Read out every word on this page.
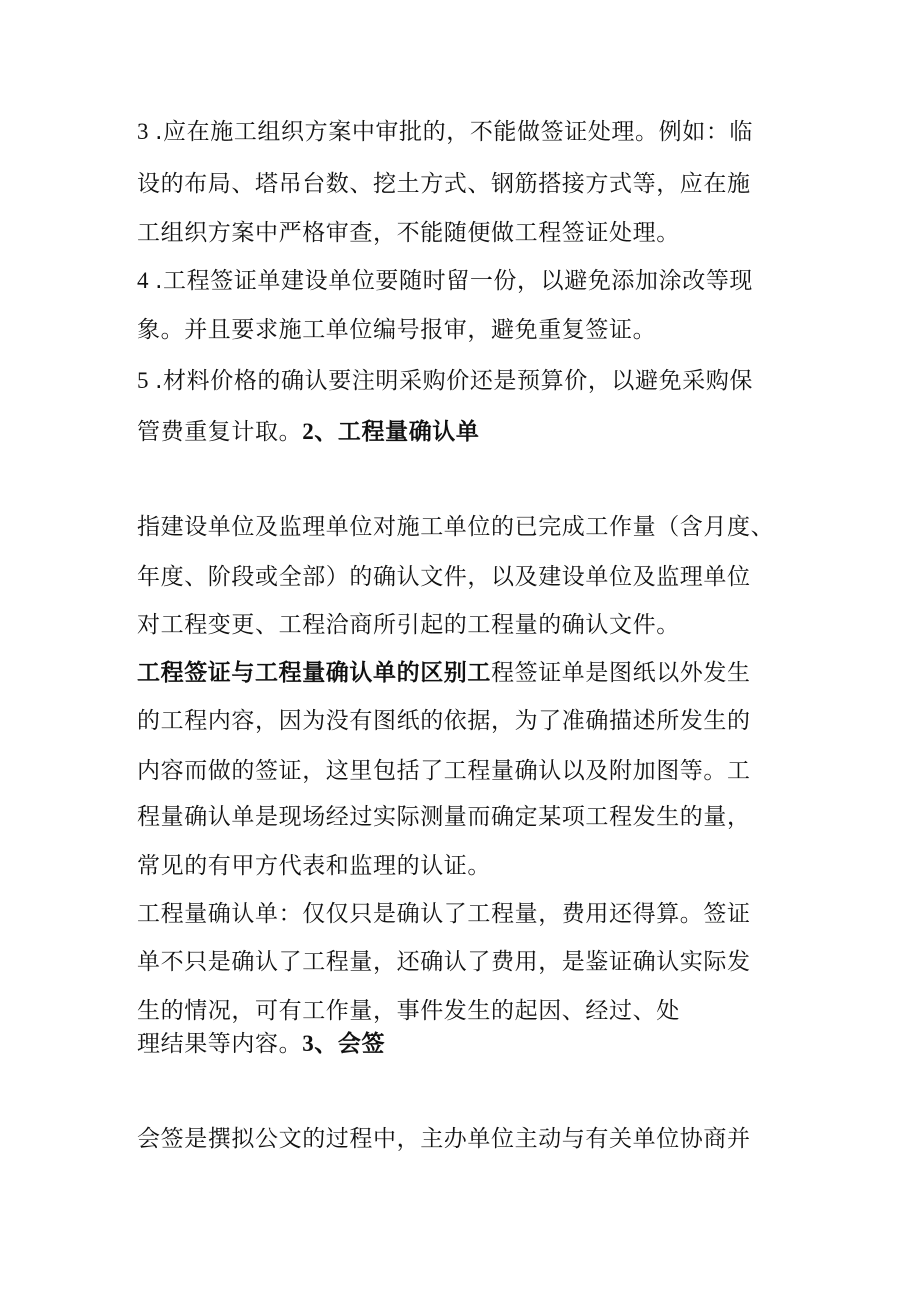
3 .应在施工组织方案中审批的，不能做签证处理。例如：临
设的布局、塔吊台数、挖土方式、钢筋搭接方式等，应在施
工组织方案中严格审查，不能随便做工程签证处理。
4 .工程签证单建设单位要随时留一份，以避免添加涂改等现
象。并且要求施工单位编号报审，避免重复签证。
5 .材料价格的确认要注明采购价还是预算价，以避免采购保
管费重复计取。2、工程量确认单
指建设单位及监理单位对施工单位的已完成工作量（含月度、
年度、阶段或全部）的确认文件，以及建设单位及监理单位
对工程变更、工程洽商所引起的工程量的确认文件。
工程签证与工程量确认单的区别工程签证单是图纸以外发生
的工程内容，因为没有图纸的依据，为了准确描述所发生的
内容而做的签证，这里包括了工程量确认以及附加图等。工
程量确认单是现场经过实际测量而确定某项工程发生的量，
常见的有甲方代表和监理的认证。
工程量确认单：仅仅只是确认了工程量，费用还得算。签证
单不只是确认了工程量，还确认了费用，是鉴证确认实际发
生的情况，可有工作量，事件发生的起因、经过、处
理结果等内容。3、会签
会签是撰拟公文的过程中，主办单位主动与有关单位协商并
